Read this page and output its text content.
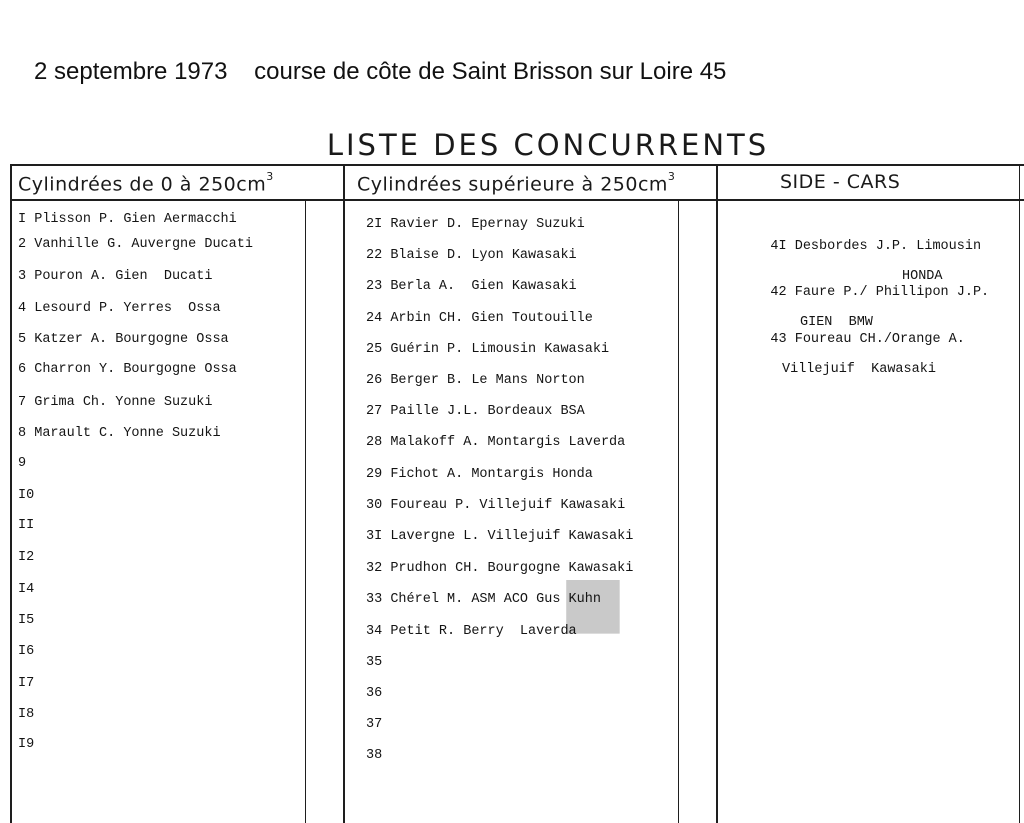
2 septembre 1973    course de côte de Saint Brisson sur Loire 45
LISTE DES CONCURRENTS
■
Cylindrées de 0 à $250cm^3$	Cylindrées supérieure à $250cm^3$	SIDE - CARS
I Plisson P. Gien Aermacchi
2 Vanhille G. Auvergne Ducati
3 Pouron A. Gien  Ducati
4 Lesourd P. Yerres  Ossa
5 Katzer A. Bourgogne Ossa
6 Charron Y. Bourgogne Ossa
7 Grima Ch. Yonne Suzuki
8 Marault C. Yonne Suzuki
9
I0
II
I2
I4
I5
I6
I7
I8
I9
2I Ravier D. Epernay Suzuki
22 Blaise D. Lyon Kawasaki
23 Berla A.  Gien Kawasaki
24 Arbin CH. Gien Toutouille
25 Guérin P. Limousin Kawasaki
26 Berger B. Le Mans Norton
27 Paille J.L. Bordeaux BSA
28 Malakoff A. Montargis Laverda
29 Fichot A. Montargis Honda
30 Foureau P. Villejuif Kawasaki
3I Lavergne L. Villejuif Kawasaki
32 Prudhon CH. Bourgogne Kawasaki
33 Chérel M. ASM ACO Gus Kuhn
34 Petit R. Berry  Laverda
35
36
37
38

4I Desbordes J.P. Limousin

HONDA

42 Faure P./ Phillipon J.P.

GIEN  BMW

43 Foureau CH./Orange A.

Villejuif  Kawasaki
